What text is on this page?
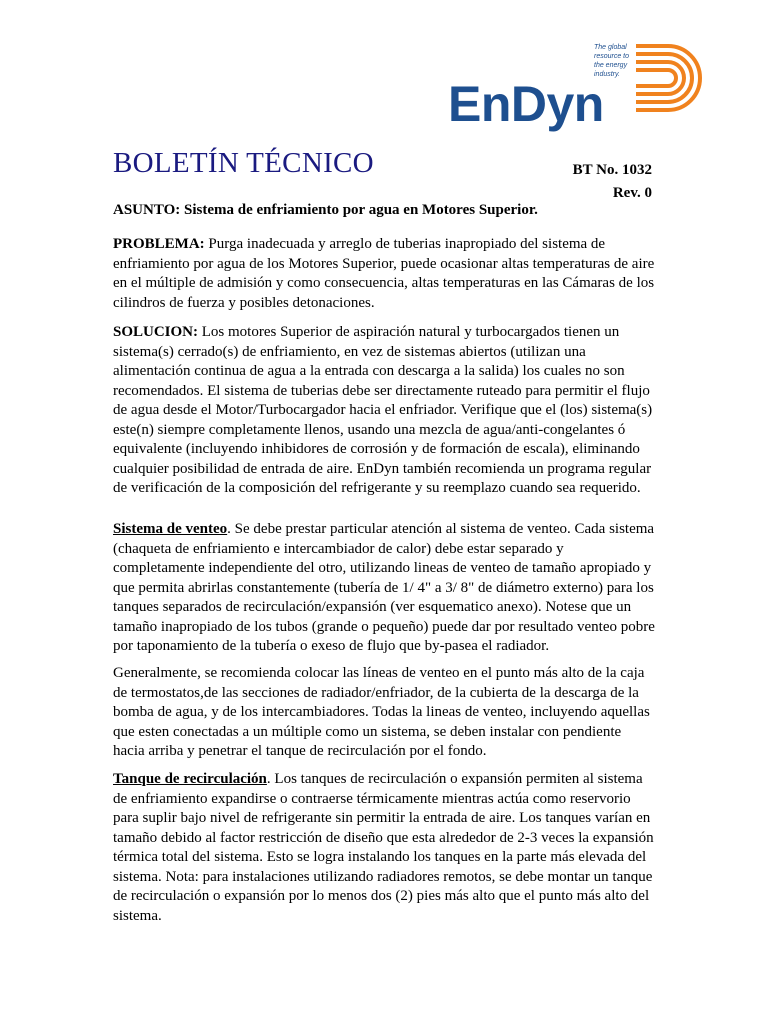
The global
resource to
the energy
industry.
EnDyn
BOLETÍN TÉCNICO	BT No. 1032
Rev. 0
ASUNTO: Sistema de enfriamiento por agua en Motores Superior.

PROBLEMA: Purga inadecuada y arreglo de tuberias inapropiado del sistema de enfriamiento por agua de los Motores Superior, puede ocasionar altas temperaturas de aire en el múltiple de admisión y como consecuencia, altas temperaturas en las Cámaras de los cilindros de fuerza y posibles detonaciones.

SOLUCION: Los motores Superior de aspiración natural y turbocargados tienen un sistema(s) cerrado(s) de enfriamiento, en vez de sistemas abiertos (utilizan una alimentación continua de agua a la entrada con descarga a la salida) los cuales no son recomendados. El sistema de tuberias debe ser directamente ruteado para permitir el flujo de agua desde el Motor/Turbocargador hacia el enfriador. Verifique que el (los) sistema(s) este(n) siempre completamente llenos, usando una mezcla de agua/anti-congelantes ó equivalente (incluyendo inhibidores de corrosión y de formación de escala), eliminando cualquier posibilidad de entrada de aire. EnDyn también recomienda un programa regular de verificación de la composición del refrigerante y su reemplazo cuando sea requerido.

Sistema de venteo. Se debe prestar particular atención al sistema de venteo. Cada sistema (chaqueta de enfriamiento e intercambiador de calor) debe estar separado y completamente independiente del otro, utilizando lineas de venteo de tamaño apropiado y que permita abrirlas constantemente (tubería de 1/ 4" a 3/ 8" de diámetro externo) para los tanques separados de recirculación/expansión (ver esquematico anexo). Notese que un tamaño inapropiado de los tubos (grande o pequeño) puede dar por resultado venteo pobre por taponamiento de la tubería o exeso de flujo que by-pasea el radiador.

Generalmente, se recomienda colocar las líneas de venteo en el punto más alto de la caja de termostatos,de las secciones de radiador/enfriador, de la cubierta de la descarga de la bomba de agua, y de los intercambiadores. Todas la lineas de venteo, incluyendo aquellas que esten conectadas a un múltiple como un sistema, se deben instalar con pendiente hacia arriba y penetrar el tanque de recirculación por el fondo.

Tanque de recirculación. Los tanques de recirculación o expansión permiten al sistema de enfriamiento expandirse o contraerse térmicamente mientras actúa como reservorio para suplir bajo nivel de refrigerante sin permitir la entrada de aire. Los tanques varían en tamaño debido al factor restricción de diseño que esta alrededor de 2-3 veces la expansión térmica total del sistema. Esto se logra instalando los tanques en la parte más elevada del sistema. Nota: para instalaciones utilizando radiadores remotos, se debe montar un tanque de recirculación o expansión por lo menos dos (2) pies más alto que el punto más alto del sistema.
